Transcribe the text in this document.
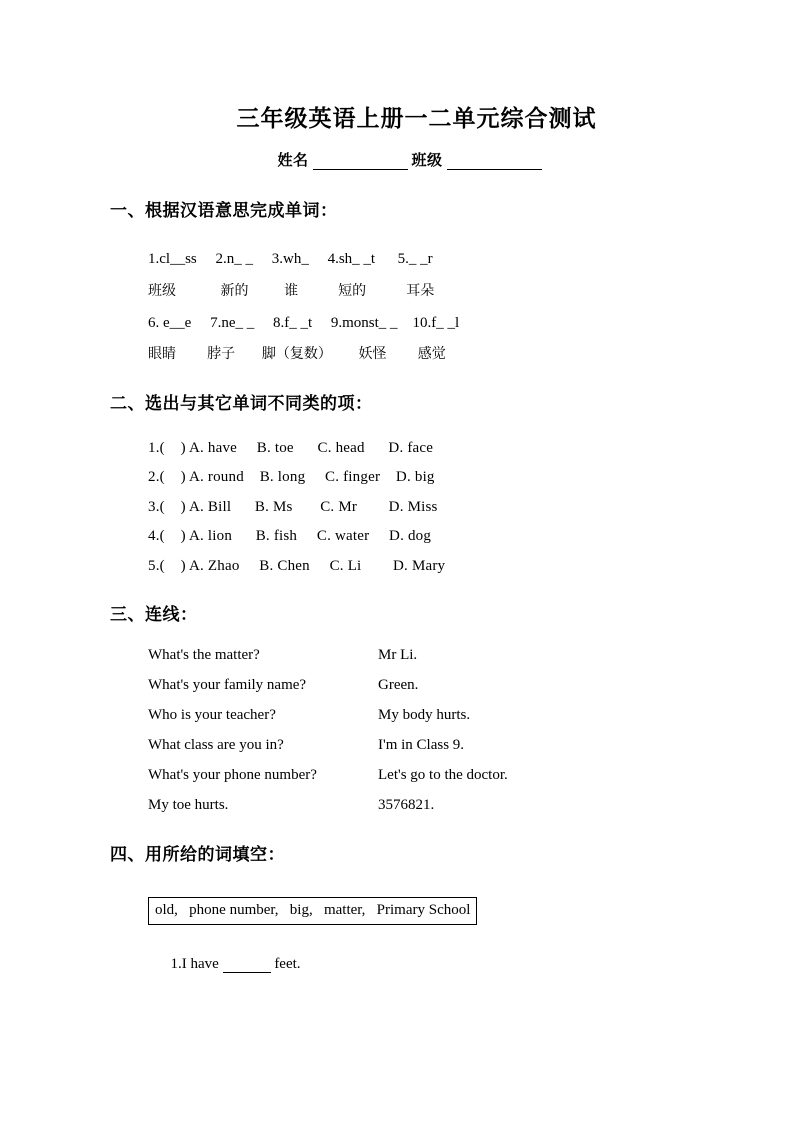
三年级英语上册一二单元综合测试
姓名	班级
一、根据汉语意思完成单词：
1.cl__ss     2.n_ _     3.wh_     4.sh_ _t      5._ _r
班级          新的        谁         短的         耳朵
6. e__e     7.ne_ _     8.f_ _t     9.monst_ _    10.f_ _l
眼睛       脖子      脚（复数）      妖怪       感觉
二、选出与其它单词不同类的项：
1.(    ) A. have     B. toe      C. head      D. face
2.(    ) A. round    B. long     C. finger    D. big
3.(    ) A. Bill      B. Ms       C. Mr        D. Miss
4.(    ) A. lion      B. fish     C. water     D. dog
5.(    ) A. Zhao     B. Chen     C. Li        D. Mary
三、连线：
What's the matter?	Mr Li.
What's your family name?	Green.
Who is your teacher?	My body hurts.
What class are you in?	I'm in Class 9.
What's your phone number?	Let's go to the doctor.
My toe hurts.	3576821.
四、用所给的词填空：
old,   phone number,   big,   matter,   Primary School

1.I have	feet.
